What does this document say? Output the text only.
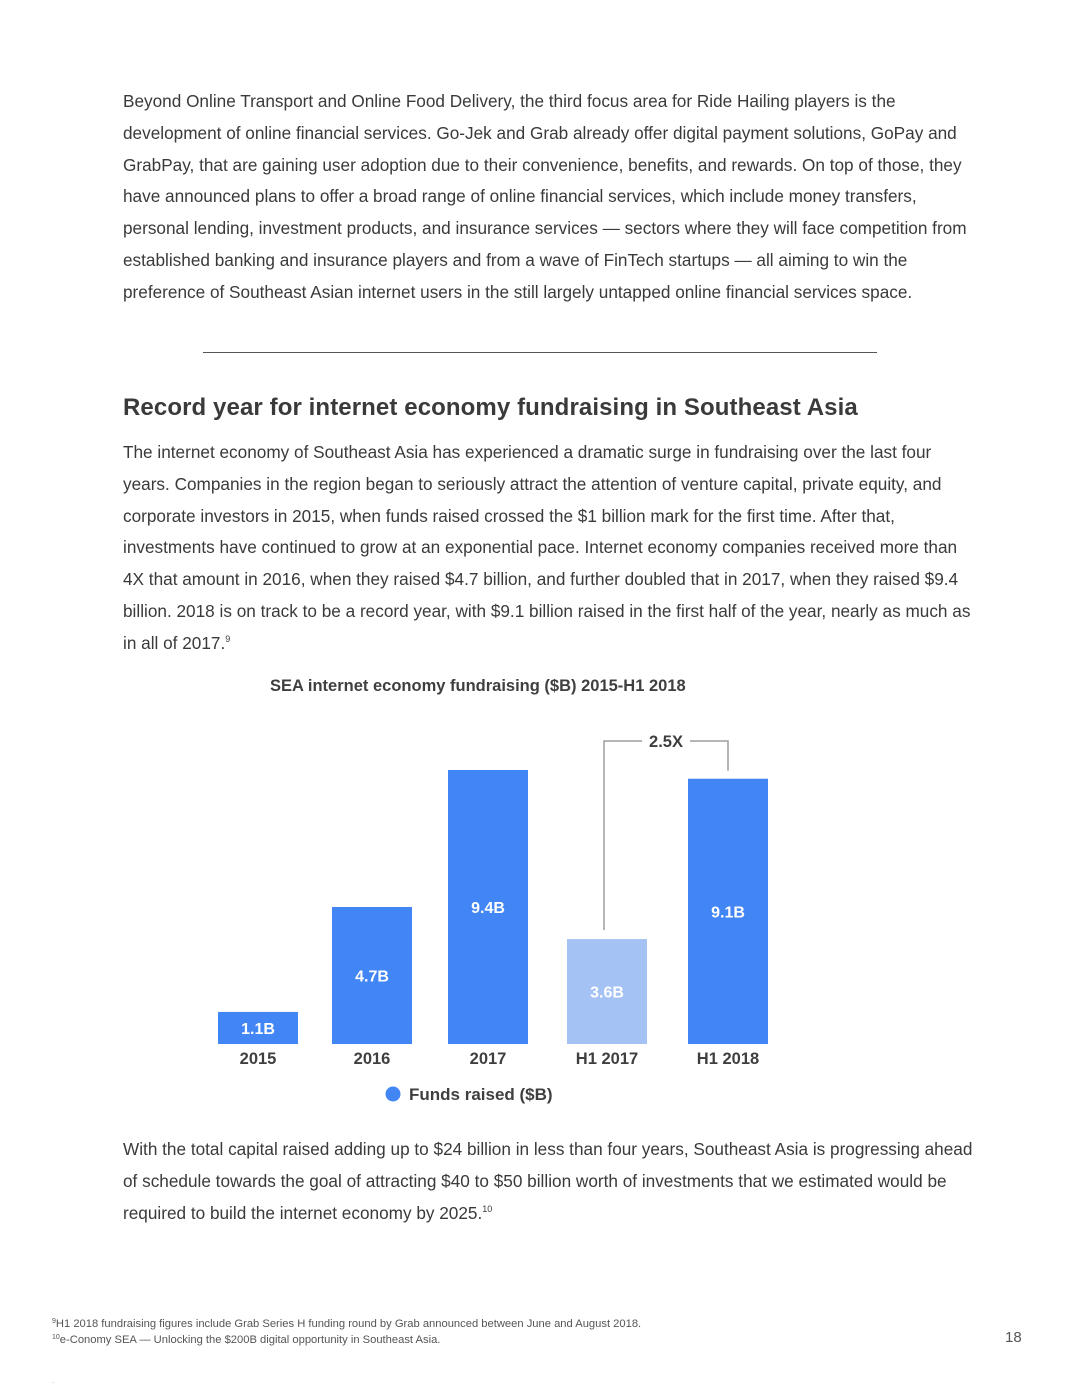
Beyond Online Transport and Online Food Delivery, the third focus area for Ride Hailing players is the development of online financial services. Go-Jek and Grab already offer digital payment solutions, GoPay and GrabPay, that are gaining user adoption due to their convenience, benefits, and rewards. On top of those, they have announced plans to offer a broad range of online financial services, which include money transfers, personal lending, investment products, and insurance services — sectors where they will face competition from established banking and insurance players and from a wave of FinTech startups — all aiming to win the preference of Southeast Asian internet users in the still largely untapped online financial services space.

Record year for internet economy fundraising in Southeast Asia

The internet economy of Southeast Asia has experienced a dramatic surge in fundraising over the last four years. Companies in the region began to seriously attract the attention of venture capital, private equity, and corporate investors in 2015, when funds raised crossed the $1 billion mark for the first time. After that, investments have continued to grow at an exponential pace. Internet economy companies received more than 4X that amount in 2016, when they raised $4.7 billion, and further doubled that in 2017, when they raised $9.4 billion. 2018 is on track to be a record year, with $9.1 billion raised in the first half of the year, nearly as much as in all of 2017.$^9$

SEA internet economy fundraising ($B) 2015-H1 2018
1.1B
2015
4.7B
2016
9.4B
2017
3.6B
H1 2017
9.1B
H1 2018
2.5X
Funds raised ($B)

With the total capital raised adding up to $24 billion in less than four years, Southeast Asia is progressing ahead of schedule towards the goal of attracting $40 to $50 billion worth of investments that we estimated would be required to build the internet economy by 2025.10

$^9$H1 2018 fundraising figures include Grab Series H funding round by Grab announced between June and August 2018.

$^{10}$e-Conomy SEA — Unlocking the $200B digital opportunity in Southeast Asia.	18
.
